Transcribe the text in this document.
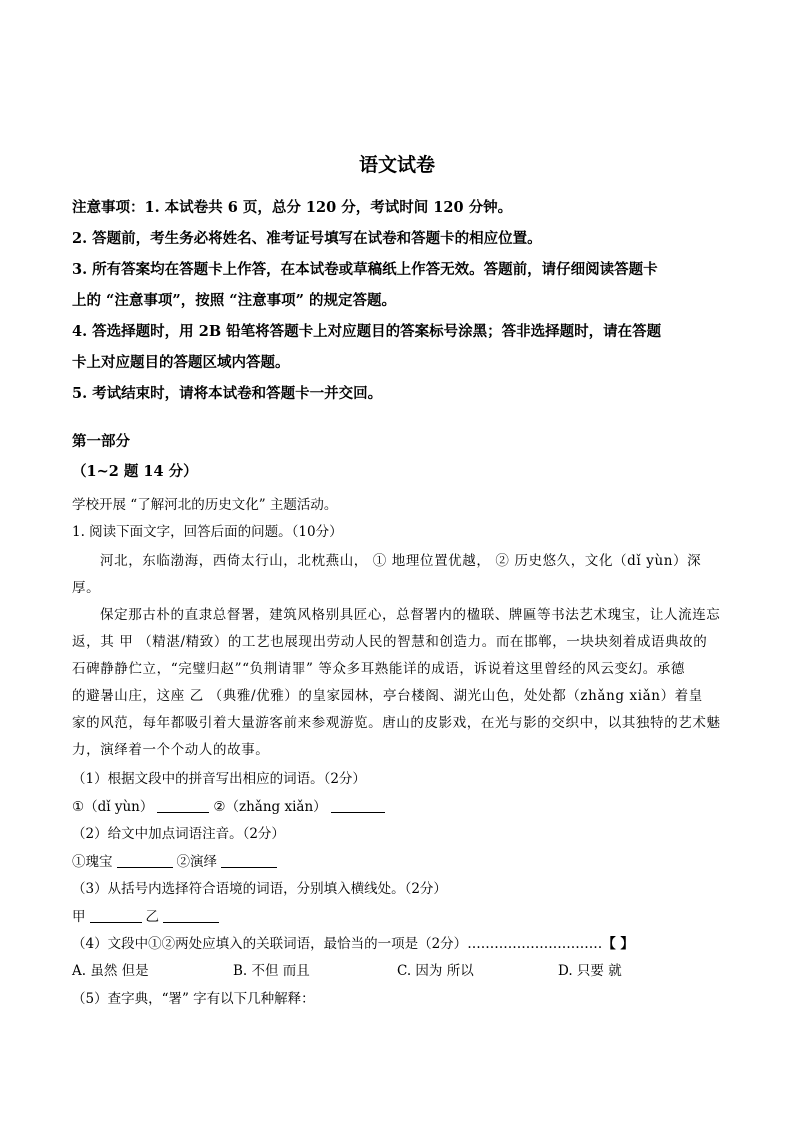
语文试卷
注意事项：1. 本试卷共 6 页，总分 120 分，考试时间 120 分钟。
2. 答题前，考生务必将姓名、准考证号填写在试卷和答题卡的相应位置。
3. 所有答案均在答题卡上作答，在本试卷或草稿纸上作答无效。答题前，请仔细阅读答题卡
上的 “注意事项”，按照 “注意事项” 的规定答题。
4. 答选择题时，用 2B 铅笔将答题卡上对应题目的答案标号涂黑；答非选择题时，请在答题
卡上对应题目的答题区域内答题。
5. 考试结束时，请将本试卷和答题卡一并交回。
第一部分
（1~2 题 14 分）
学校开展 “了解河北的历史文化” 主题活动。
1. 阅读下面文字，回答后面的问题。（10分）
河北，东临渤海，西倚太行山，北枕燕山， ① 地理位置优越， ② 历史悠久，文化（dǐ yùn）深
厚。
保定那古朴的直隶总督署，建筑风格别具匠心，总督署内的楹联、牌匾等书法艺术瑰宝，让人流连忘
返，其 甲 （精湛/精致）的工艺也展现出劳动人民的智慧和创造力。而在邯郸，一块块刻着成语典故的
石碑静静伫立，“完璧归赵”“负荆请罪” 等众多耳熟能详的成语，诉说着这里曾经的风云变幻。承德
的避暑山庄，这座 乙 （典雅/优雅）的皇家园林，亭台楼阁、湖光山色，处处都（zhǎng xiǎn）着皇
家的风范，每年都吸引着大量游客前来参观游览。唐山的皮影戏，在光与影的交织中，以其独特的艺术魅
力，演绎着一个个动人的故事。
（1）根据文段中的拼音写出相应的词语。（2分）
①（dǐ yùn）	②（zhǎng xiǎn）
（2）给文中加点词语注音。（2分）
①瑰宝	②演绎
（3）从括号内选择符合语境的词语，分别填入横线处。（2分）
甲	乙
（4）文段中①②两处应填入的关联词语，最恰当的一项是（2分）…………………………【 】
A. 虽然 但是	B. 不但 而且	C. 因为 所以	D. 只要 就
（5）查字典，“署” 字有以下几种解释：
